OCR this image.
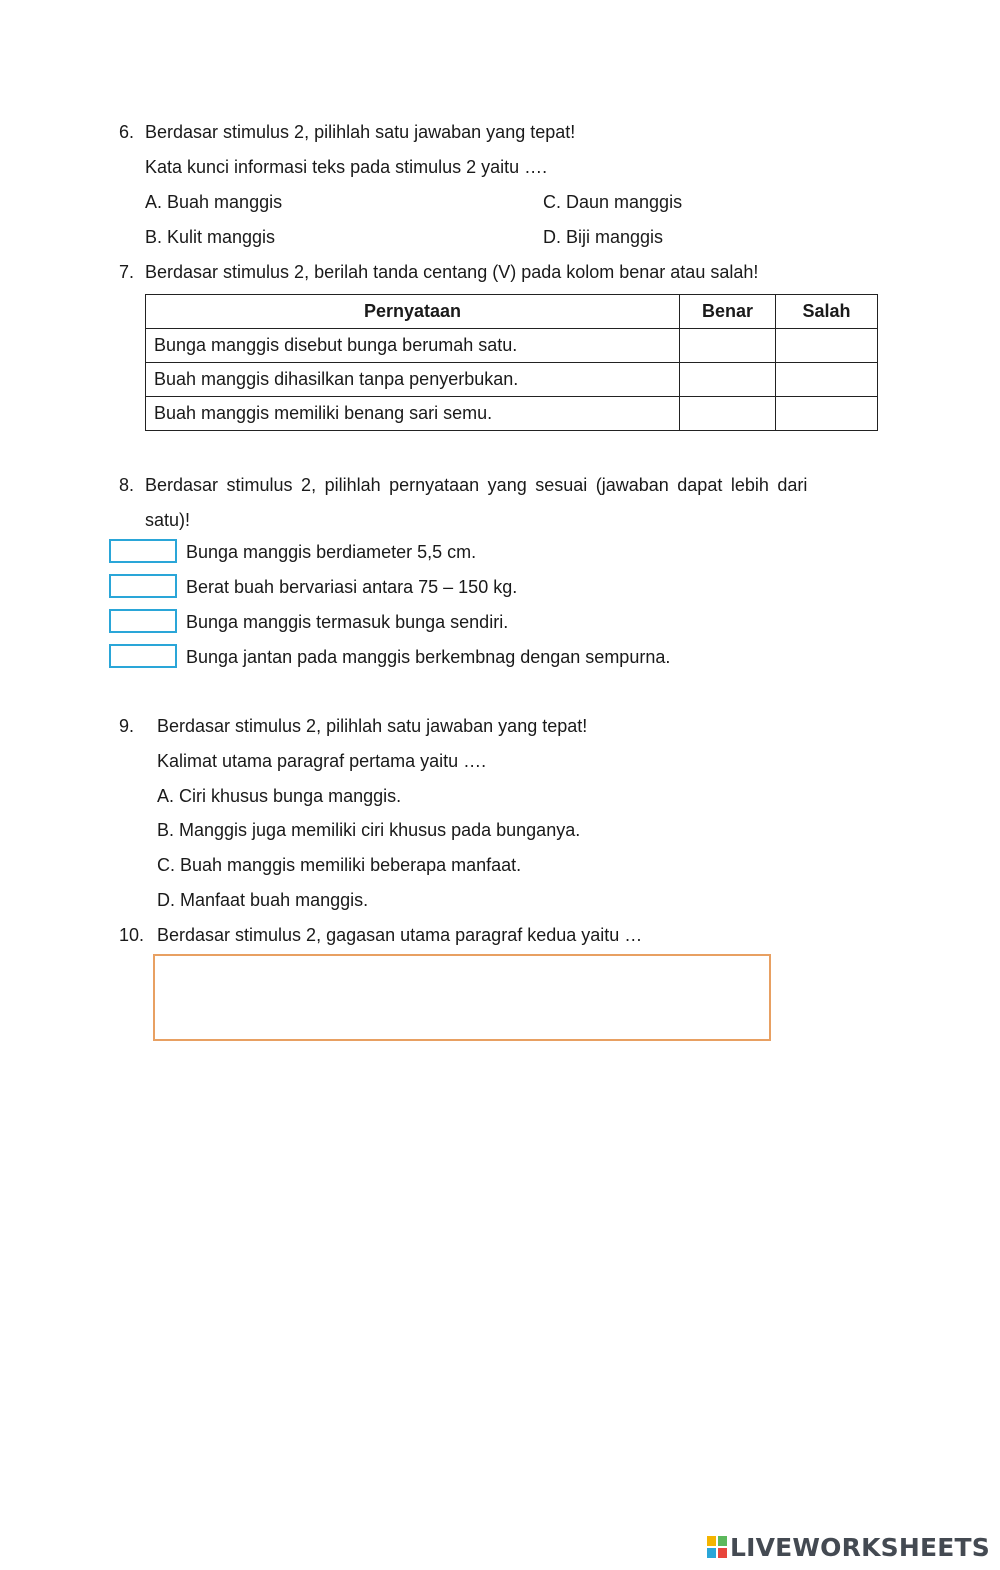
6. Berdasar stimulus 2, pilihlah satu jawaban yang tepat!
Kata kunci informasi teks pada stimulus 2 yaitu ….
A. Buah manggis	C. Daun manggis
B. Kulit manggis	D. Biji manggis
7. Berdasar stimulus 2, berilah tanda centang (V) pada kolom benar atau salah!
Pernyataan	Benar	Salah
Bunga manggis disebut bunga berumah satu.		
Buah manggis dihasilkan tanpa penyerbukan.		
Buah manggis memiliki benang sari semu.		
8. Berdasar stimulus 2, pilihlah pernyataan yang sesuai (jawaban dapat lebih dari
satu)!
Bunga manggis berdiameter 5,5 cm.
Berat buah bervariasi antara 75 – 150 kg.
Bunga manggis termasuk bunga sendiri.
Bunga jantan pada manggis berkembnag dengan sempurna.
9. Berdasar stimulus 2, pilihlah satu jawaban yang tepat!
Kalimat utama paragraf pertama yaitu ….
A. Ciri khusus bunga manggis.
B. Manggis juga memiliki ciri khusus pada bunganya.
C. Buah manggis memiliki beberapa manfaat.
D. Manfaat buah manggis.
10. Berdasar stimulus 2, gagasan utama paragraf kedua yaitu …
LIVEWORKSHEETS
